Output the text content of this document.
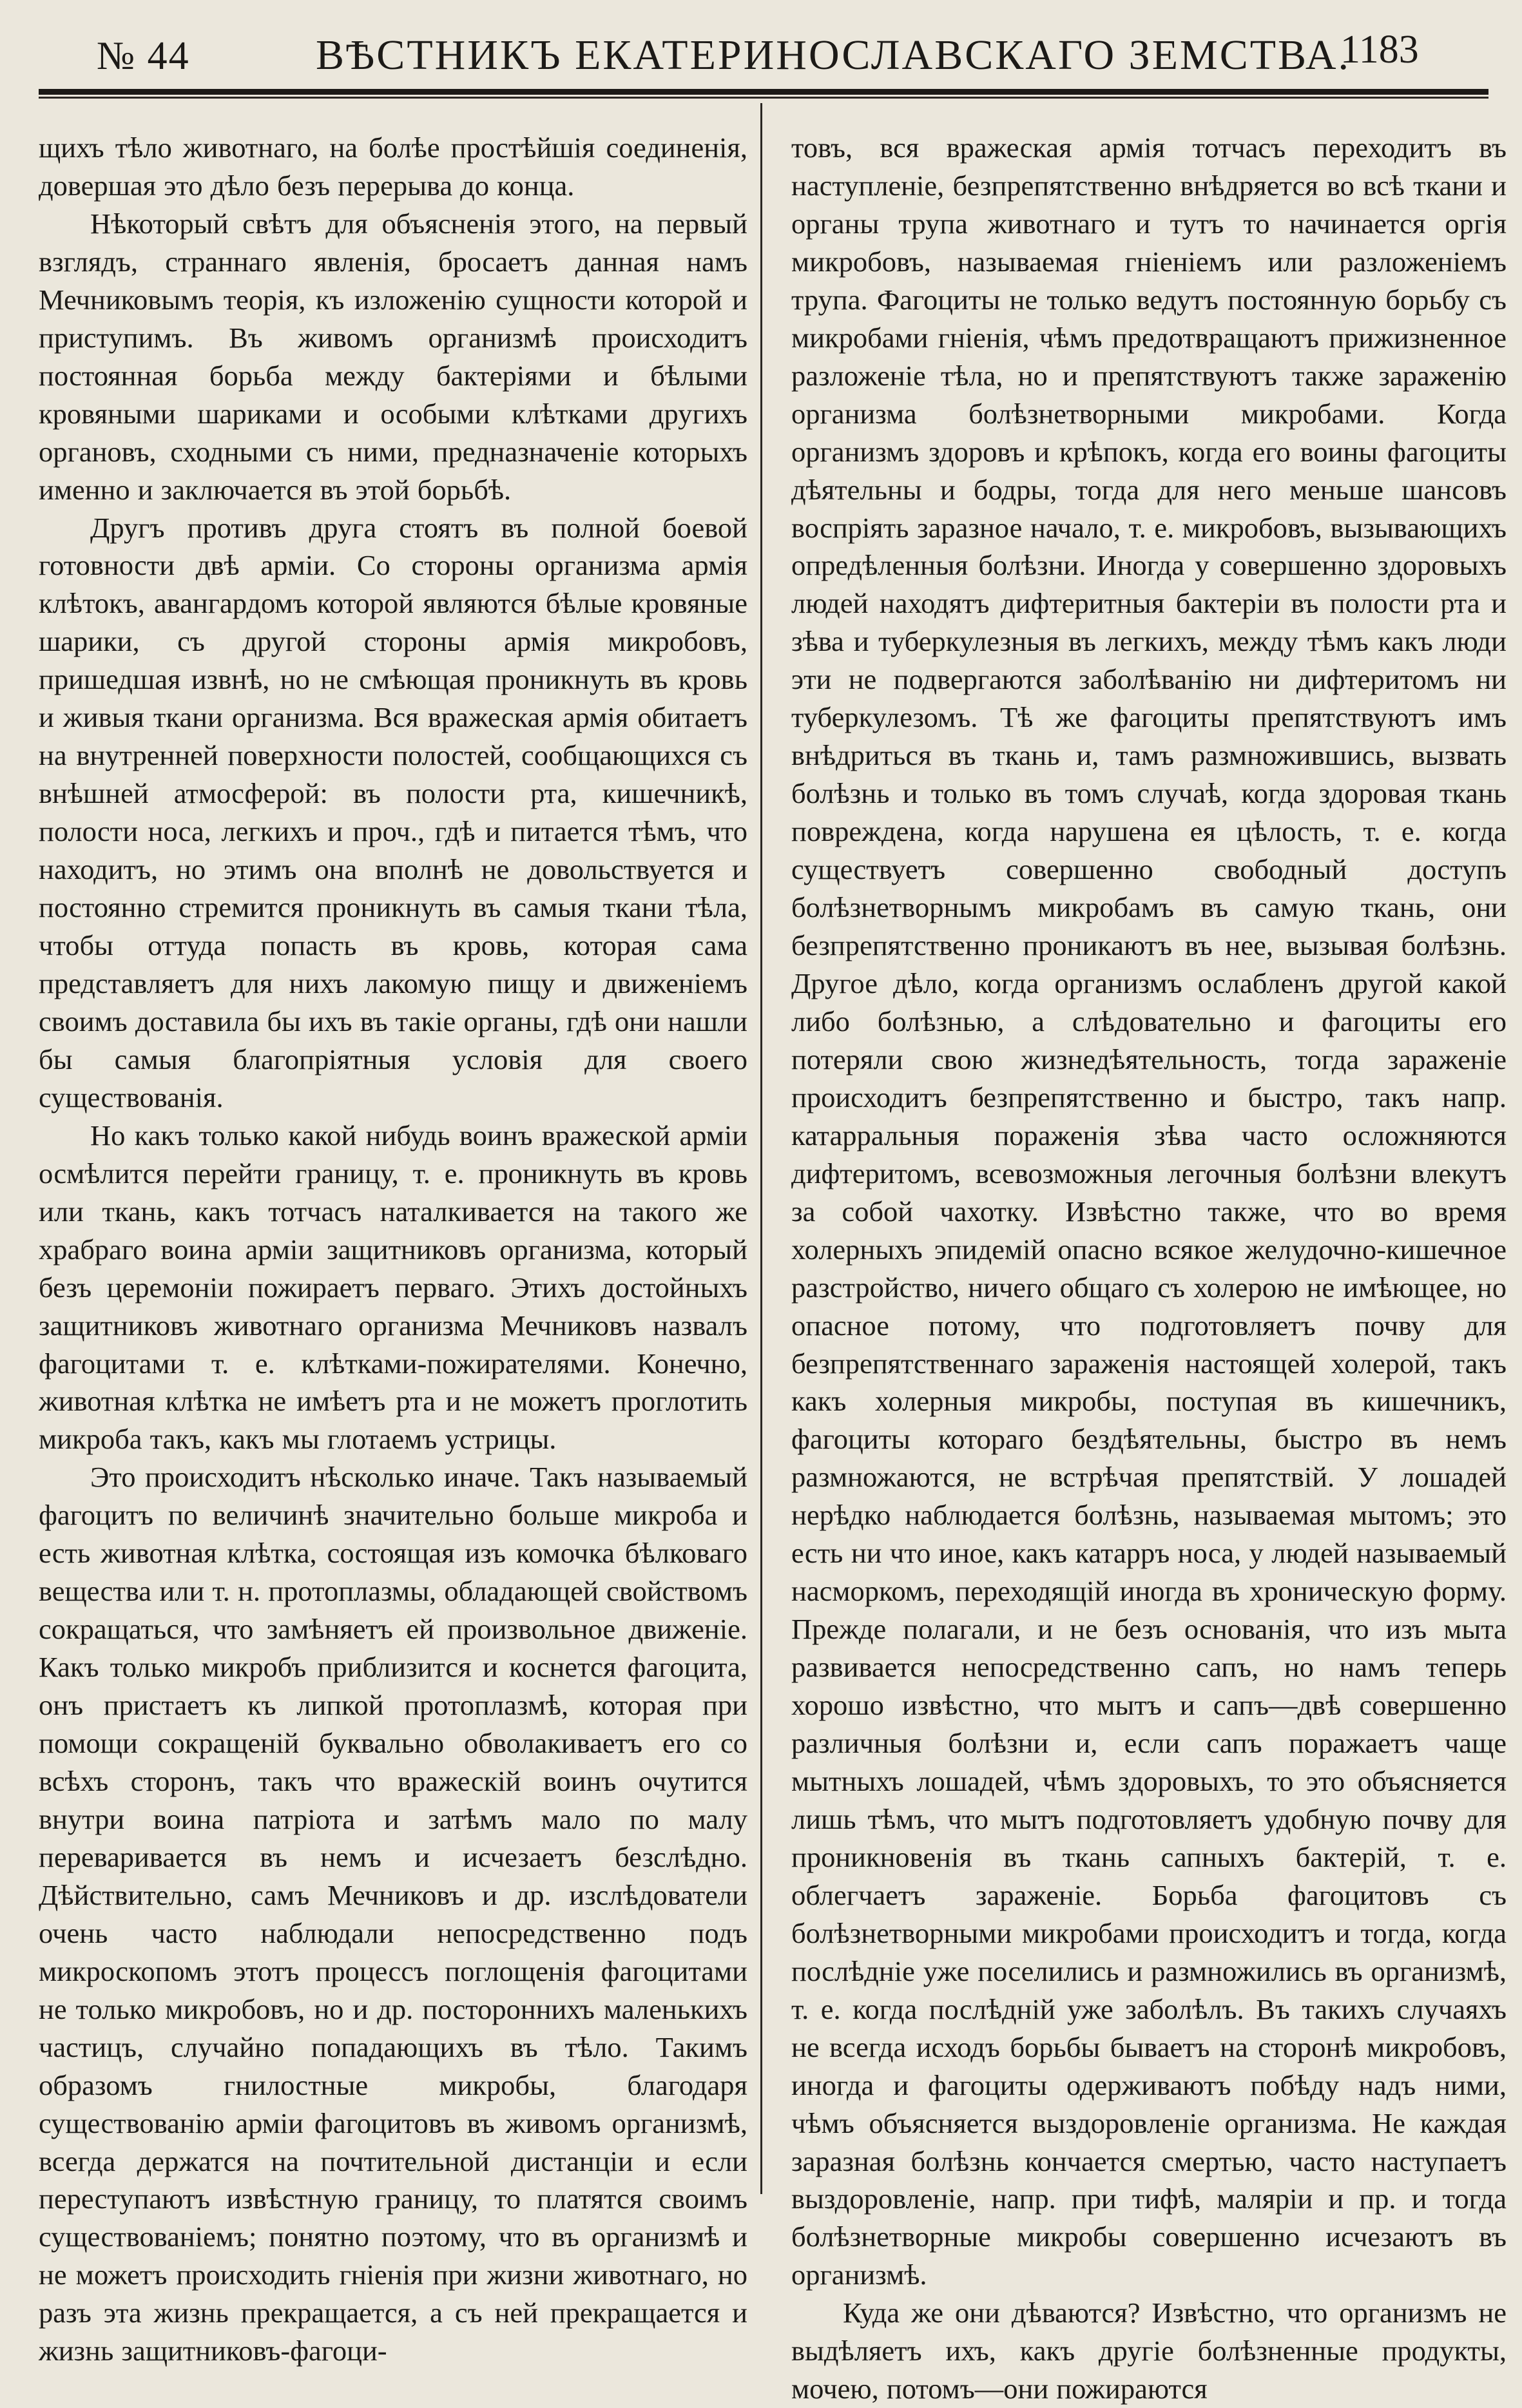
№ 44	ВѢСТНИКЪ ЕКАТЕРИНОСЛАВСКАГО ЗЕМСТВА.
1183

щихъ тѣло животнаго, на болѣе простѣйшія соединенія, довершая это дѣло безъ перерыва до конца.

Нѣкоторый свѣтъ для объясненія этого, на первый взглядъ, страннаго явленія, бросаетъ данная намъ Мечниковымъ теорія, къ изложенію сущности которой и приступимъ. Въ живомъ организмѣ происходитъ постоянная борьба между бактеріями и бѣлыми кровяными шариками и особыми клѣтками другихъ органовъ, сходными съ ними, предназначеніе которыхъ именно и заключается въ этой борьбѣ.

Другъ противъ друга стоятъ въ полной боевой готовности двѣ арміи. Со стороны организма армія клѣтокъ, авангардомъ которой являются бѣлые кровяные шарики, съ другой стороны армія микробовъ, пришедшая извнѣ, но не смѣющая проникнуть въ кровь и живыя ткани организма. Вся вражеская армія обитаетъ на внутренней поверхности полостей, сообщающихся съ внѣшней атмосферой: въ полости рта, кишечникѣ, полости носа, легкихъ и проч., гдѣ и питается тѣмъ, что находитъ, но этимъ она вполнѣ не довольствуется и постоянно стремится проникнуть въ самыя ткани тѣла, чтобы оттуда попасть въ кровь, которая сама представляетъ для нихъ лакомую пищу и движеніемъ своимъ доставила бы ихъ въ такіе органы, гдѣ они нашли бы самыя благопріятныя условія для своего существованія.

Но какъ только какой нибудь воинъ вражеской арміи осмѣлится перейти границу, т. е. проникнуть въ кровь или ткань, какъ тотчасъ наталкивается на такого же храбраго воина арміи защитниковъ организма, который безъ церемоніи пожираетъ перваго. Этихъ достойныхъ защитниковъ животнаго организма Мечниковъ назвалъ фагоцитами т. е. клѣтками-пожирателями. Конечно, животная клѣтка не имѣетъ рта и не можетъ проглотить микроба такъ, какъ мы глотаемъ устрицы.

Это происходитъ нѣсколько иначе. Такъ называемый фагоцитъ по величинѣ значительно больше микроба и есть животная клѣтка, состоящая изъ комочка бѣлковаго вещества или т. н. протоплазмы, обладающей свойствомъ сокращаться, что замѣняетъ ей произвольное движеніе. Какъ только микробъ приблизится и коснется фагоцита, онъ пристаетъ къ липкой протоплазмѣ, которая при помощи сокращеній буквально обволакиваетъ его со всѣхъ сторонъ, такъ что вражескій воинъ очутится внутри воина патріота и затѣмъ мало по малу переваривается въ немъ и исчезаетъ безслѣдно. Дѣйствительно, самъ Мечниковъ и др. изслѣдователи очень часто наблюдали непосредственно подъ микроскопомъ этотъ процессъ поглощенія фагоцитами не только микробовъ, но и др. постороннихъ маленькихъ частицъ, случайно попадающихъ въ тѣло. Такимъ образомъ гнилостные микробы, благодаря существованію арміи фагоцитовъ въ живомъ организмѣ, всегда держатся на почтительной дистанціи и если переступаютъ извѣстную границу, то платятся своимъ существованіемъ; понятно поэтому, что въ организмѣ и не можетъ происходить гніенія при жизни животнаго, но разъ эта жизнь прекращается, а съ ней прекращается и жизнь защитниковъ-фагоци-

товъ, вся вражеская армія тотчасъ переходитъ въ наступленіе, безпрепятственно внѣдряется во всѣ ткани и органы трупа животнаго и тутъ то начинается оргія микробовъ, называемая гніеніемъ или разложеніемъ трупа. Фагоциты не только ведутъ постоянную борьбу съ микробами гніенія, чѣмъ предотвращаютъ прижизненное разложеніе тѣла, но и препятствуютъ также зараженію организма болѣзнетворными микробами. Когда организмъ здоровъ и крѣпокъ, когда его воины фагоциты дѣятельны и бодры, тогда для него меньше шансовъ воспріять заразное начало, т. е. микробовъ, вызывающихъ опредѣленныя болѣзни. Иногда у совершенно здоровыхъ людей находятъ дифтеритныя бактеріи въ полости рта и зѣва и туберкулезныя въ легкихъ, между тѣмъ какъ люди эти не подвергаются заболѣванію ни дифтеритомъ ни туберкулезомъ. Тѣ же фагоциты препятствуютъ имъ внѣдриться въ ткань и, тамъ размножившись, вызвать болѣзнь и только въ томъ случаѣ, когда здоровая ткань повреждена, когда нарушена ея цѣлость, т. е. когда существуетъ совершенно свободный доступъ болѣзнетворнымъ микробамъ въ самую ткань, они безпрепятственно проникаютъ въ нее, вызывая болѣзнь. Другое дѣло, когда организмъ ослабленъ другой какой либо болѣзнью, а слѣдовательно и фагоциты его потеряли свою жизнедѣятельность, тогда зараженіе происходитъ безпрепятственно и быстро, такъ напр. катарральныя пораженія зѣва часто осложняются дифтеритомъ, всевозможныя легочныя болѣзни влекутъ за собой чахотку. Извѣстно также, что во время холерныхъ эпидемій опасно всякое желудочно-кишечное разстройство, ничего общаго съ холерою не имѣющее, но опасное потому, что подготовляетъ почву для безпрепятственнаго зараженія настоящей холерой, такъ какъ холерныя микробы, поступая въ кишечникъ, фагоциты котораго бездѣятельны, быстро въ немъ размножаются, не встрѣчая препятствій. У лошадей нерѣдко наблюдается болѣзнь, называемая мытомъ; это есть ни что иное, какъ катарръ носа, у людей называемый насморкомъ, переходящій иногда въ хроническую форму. Прежде полагали, и не безъ основанія, что изъ мыта развивается непосредственно сапъ, но намъ теперь хорошо извѣстно, что мытъ и сапъ—двѣ совершенно различныя болѣзни и, если сапъ поражаетъ чаще мытныхъ лошадей, чѣмъ здоровыхъ, то это объясняется лишь тѣмъ, что мытъ подготовляетъ удобную почву для проникновенія въ ткань сапныхъ бактерій, т. е. облегчаетъ зараженіе. Борьба фагоцитовъ съ болѣзнетворными микробами происходитъ и тогда, когда послѣдніе уже поселились и размножились въ организмѣ, т. е. когда послѣдній уже заболѣлъ. Въ такихъ случаяхъ не всегда исходъ борьбы бываетъ на сторонѣ микробовъ, иногда и фагоциты одерживаютъ побѣду надъ ними, чѣмъ объясняется выздоровленіе организма. Не каждая заразная болѣзнь кончается смертью, часто наступаетъ выздоровленіе, напр. при тифѣ, маляріи и пр. и тогда болѣзнетворные микробы совершенно исчезаютъ въ организмѣ.

Куда же они дѣваются? Извѣстно, что организмъ не выдѣляетъ ихъ, какъ другіе болѣзненные продукты, мочею, потомъ—они пожираются
